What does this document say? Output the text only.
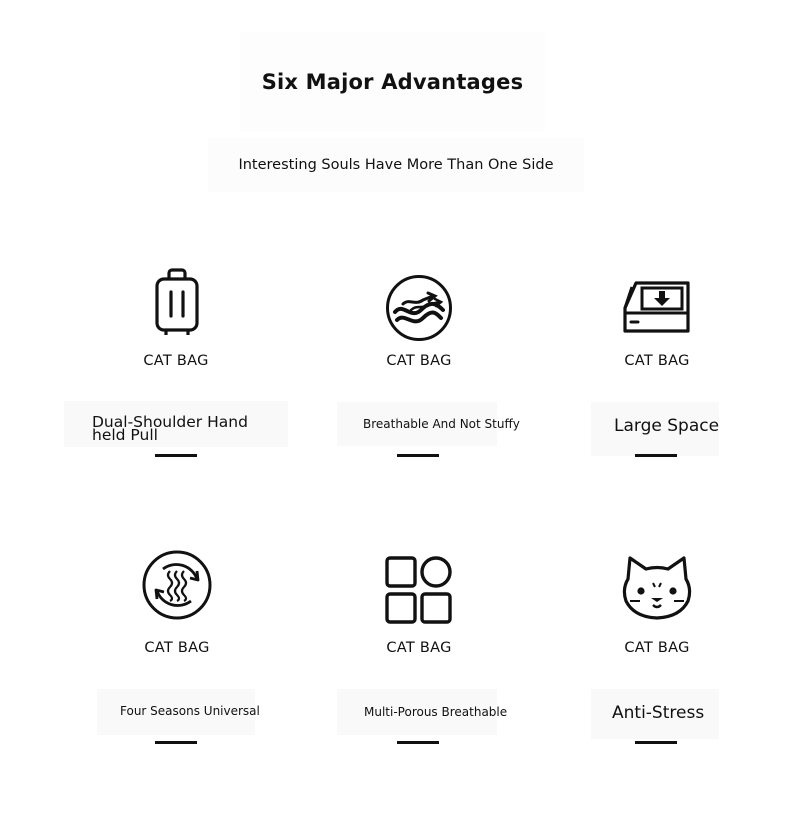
Six Major Advantages
Interesting Souls Have More Than One Side
CAT BAG
Dual-Shoulder Hand
held Pull
CAT BAG
Breathable And Not Stuffy
CAT BAG
Large Space
CAT BAG
Four Seasons Universal
CAT BAG
Multi-Porous Breathable
CAT BAG
Anti-Stress
